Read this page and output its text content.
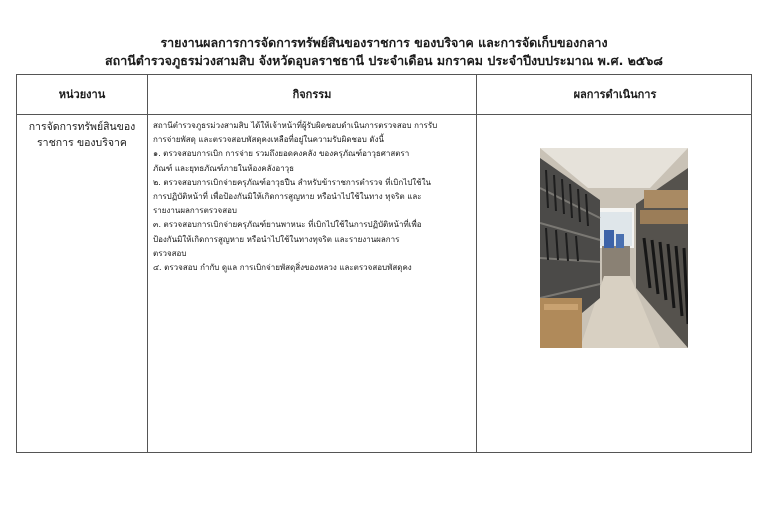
รายงานผลการการจัดการทรัพย์สินของราชการ ของบริจาค และการจัดเก็บของกลาง
สถานีตำรวจภูธรม่วงสามสิบ จังหวัดอุบลราชธานี ประจำเดือน มกราคม ประจำปีงบประมาณ พ.ศ. ๒๕๖๘
หน่วยงาน	กิจกรรม	ผลการดำเนินการ
การจัดการทรัพย์สินของ
ราชการ ของบริจาค
สถานีตำรวจภูธรม่วงสามสิบ ได้ให้เจ้าหน้าที่ผู้รับผิดชอบดำเนินการตรวจสอบ การรับ
การจ่ายพัสดุ และตรวจสอบพัสดุคงเหลือที่อยู่ในความรับผิดชอบ ดังนี้
๑. ตรวจสอบการเบิก การจ่าย รวมถึงยอดคงคลัง ของครุภัณฑ์อาวุธศาสตรา
ภัณฑ์ และยุทธภัณฑ์ภายในห้องคลังอาวุธ
๒. ตรวจสอบการเบิกจ่ายครุภัณฑ์อาวุธปืน สำหรับข้าราชการตำรวจ ที่เบิกไปใช้ใน
การปฏิบัติหน้าที่ เพื่อป้องกันมิให้เกิดการสูญหาย หรือนำไปใช้ในทาง ทุจริต และ
รายงานผลการตรวจสอบ
๓. ตรวจสอบการเบิกจ่ายครุภัณฑ์ยานพาหนะ ที่เบิกไปใช้ในการปฏิบัติหน้าที่เพื่อ
ป้องกันมิให้เกิดการสูญหาย หรือนำไปใช้ในทางทุจริต และรายงานผลการ
ตรวจสอบ
๔. ตรวจสอบ กำกับ ดูแล การเบิกจ่ายพัสดุสิ่งของหลวง และตรวจสอบพัสดุคง
